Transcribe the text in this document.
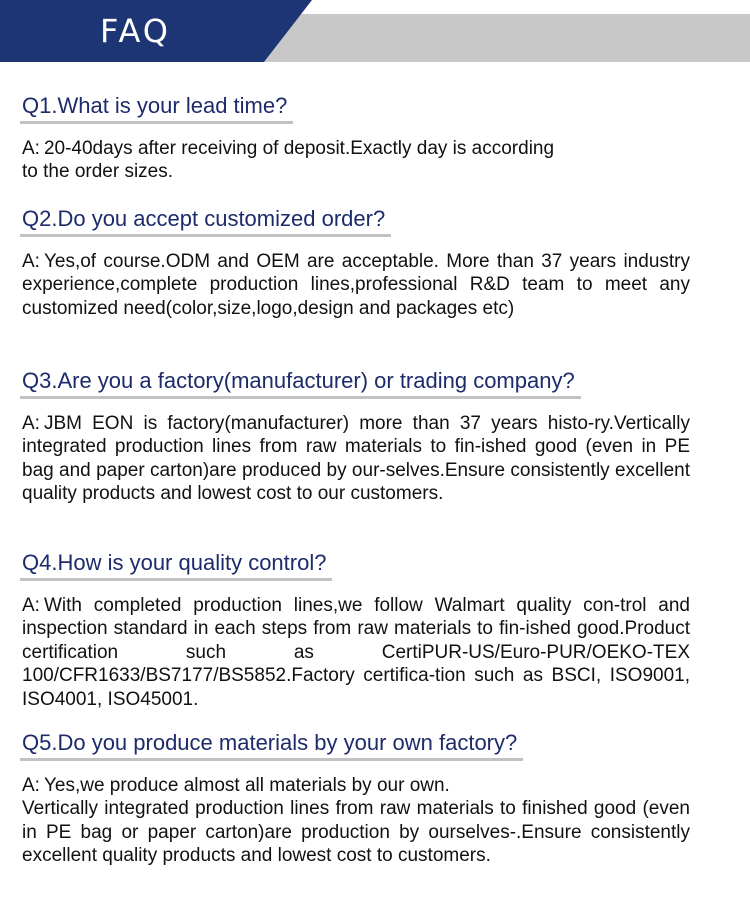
FAQ
Q1.What is your lead time?
A: 20-40days after receiving of deposit.Exactly day is according
to the order sizes.
Q2.Do you accept customized order?
A: Yes,of course.ODM and OEM are acceptable. More than 37 years industry experience,complete production lines,professional R&D team to meet any customized need(color,size,logo,design and packages etc)
Q3.Are you a factory(manufacturer) or trading company?
A: JBM EON is factory(manufacturer) more than 37 years histo-ry.Vertically integrated production lines from raw materials to fin-ished good (even in PE bag and paper carton)are produced by our-selves.Ensure consistently excellent quality products and lowest cost to our customers.
Q4.How is your quality control?
A: With completed production lines,we follow Walmart quality con-trol and inspection standard in each steps from raw materials to fin-ished good.Product certification such as CertiPUR-US/Euro-PUR/OEKO-TEX 100/CFR1633/BS7177/BS5852.Factory certifica-tion such as BSCI, ISO9001, ISO4001, ISO45001.
Q5.Do you produce materials by your own factory?
A: Yes,we produce almost all materials by our own.
Vertically integrated production lines from raw materials to finished good (even in PE bag or paper carton)are production by ourselves-.Ensure consistently excellent quality products and lowest cost to customers.
